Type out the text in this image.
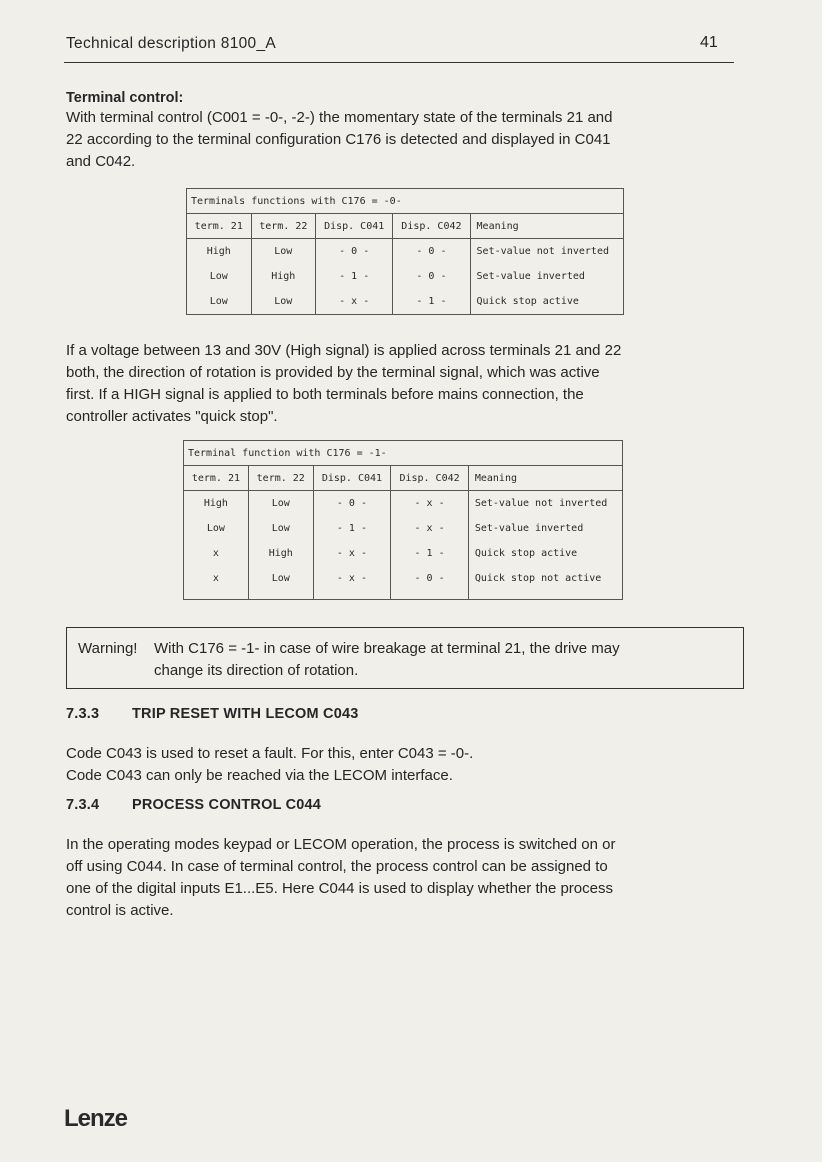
Technical description 8100_A	41
Terminal control:

With terminal control (C001 = -0-, -2-) the momentary state of the terminals 21 and

22 according to the terminal configuration C176 is detected and displayed in C041

and C042.

Terminals functions with C176 = -0-				
term. 21	term. 22	Disp. C041	Disp. C042	Meaning
High	Low	- 0 -	- 0 -	Set-value not inverted
Low	High	- 1 -	- 0 -	Set-value inverted
Low	Low	- x -	- 1 -	Quick stop active

If a voltage between 13 and 30V (High signal) is applied across terminals 21 and 22

both, the direction of rotation is provided by the terminal signal, which was active

first. If a HIGH signal is applied to both terminals before mains connection, the

controller activates "quick stop".

Terminal function with C176 = -1-				
term. 21	term. 22	Disp. C041	Disp. C042	Meaning
High	Low	- 0 -	- x -	Set-value not inverted
Low	Low	- 1 -	- x -	Set-value inverted
x	High	- x -	- 1 -	Quick stop active
x	Low	- x -	- 0 -	Quick stop not active

Warning! With C176 = -1- in case of wire breakage at terminal 21, the drive may
change its direction of rotation.
7.3.3 TRIP RESET WITH LECOM C043

Code C043 is used to reset a fault. For this, enter C043 = -0-.

Code C043 can only be reached via the LECOM interface.

7.3.4 PROCESS CONTROL C044

In the operating modes keypad or LECOM operation, the process is switched on or

off using C044. In case of terminal control, the process control can be assigned to

one of the digital inputs E1...E5. Here C044 is used to display whether the process

control is active.

Lenze
